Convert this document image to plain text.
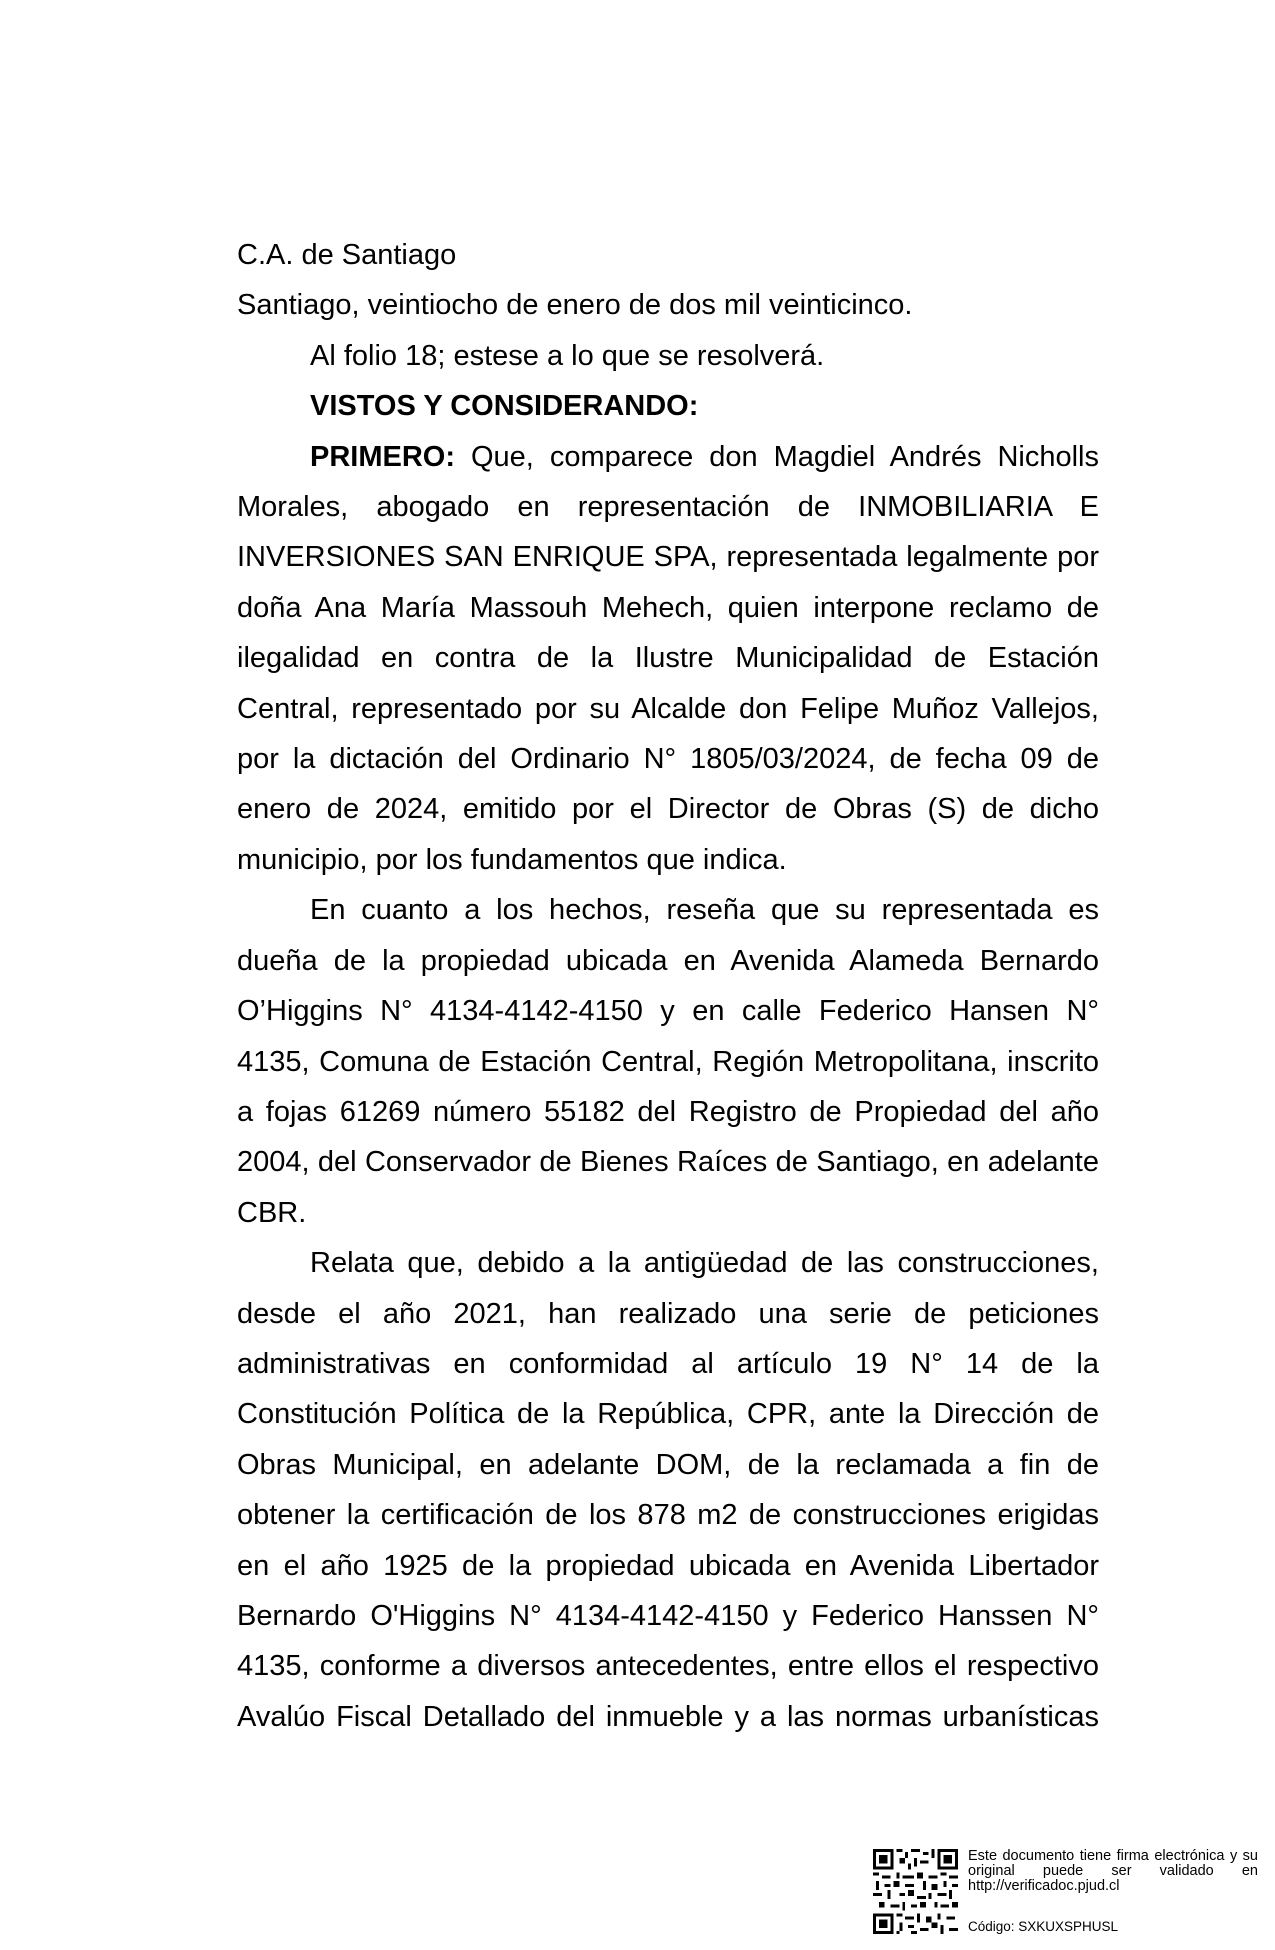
C.A. de Santiago
Santiago, veintiocho de enero de dos mil veinticinco.
Al folio 18; estese a lo que se resolverá.
VISTOS Y CONSIDERANDO:
PRIMERO: Que, comparece don Magdiel Andrés Nicholls Morales, abogado en representación de INMOBILIARIA E INVERSIONES SAN ENRIQUE SPA, representada legalmente por doña Ana María Massouh Mehech, quien interpone reclamo de ilegalidad en contra de la Ilustre Municipalidad de Estación Central, representado por su Alcalde don Felipe Muñoz Vallejos, por la dictación del Ordinario N° 1805/03/2024, de fecha 09 de enero de 2024, emitido por el Director de Obras (S) de dicho municipio, por los fundamentos que indica.
En cuanto a los hechos, reseña que su representada es dueña de la propiedad ubicada en Avenida Alameda Bernardo O’Higgins N° 4134-4142-4150 y en calle Federico Hansen N° 4135, Comuna de Estación Central, Región Metropolitana, inscrito a fojas 61269 número 55182 del Registro de Propiedad del año 2004, del Conservador de Bienes Raíces de Santiago, en adelante CBR.
Relata que, debido a la antigüedad de las construcciones, desde el año 2021, han realizado una serie de peticiones administrativas en conformidad al artículo 19 N° 14 de la Constitución Política de la República, CPR, ante la Dirección de Obras Municipal, en adelante DOM, de la reclamada a fin de obtener la certificación de los 878 m2 de construcciones erigidas en el año 1925 de la propiedad ubicada en Avenida Libertador Bernardo O'Higgins N° 4134-4142-4150 y Federico Hanssen N° 4135, conforme a diversos antecedentes, entre ellos el respectivo Avalúo Fiscal Detallado del inmueble y a las normas urbanísticas
Este documento tiene firma electrónica y su original puede ser validado en http://verificadoc.pjud.cl
Código: SXKUXSPHUSL
